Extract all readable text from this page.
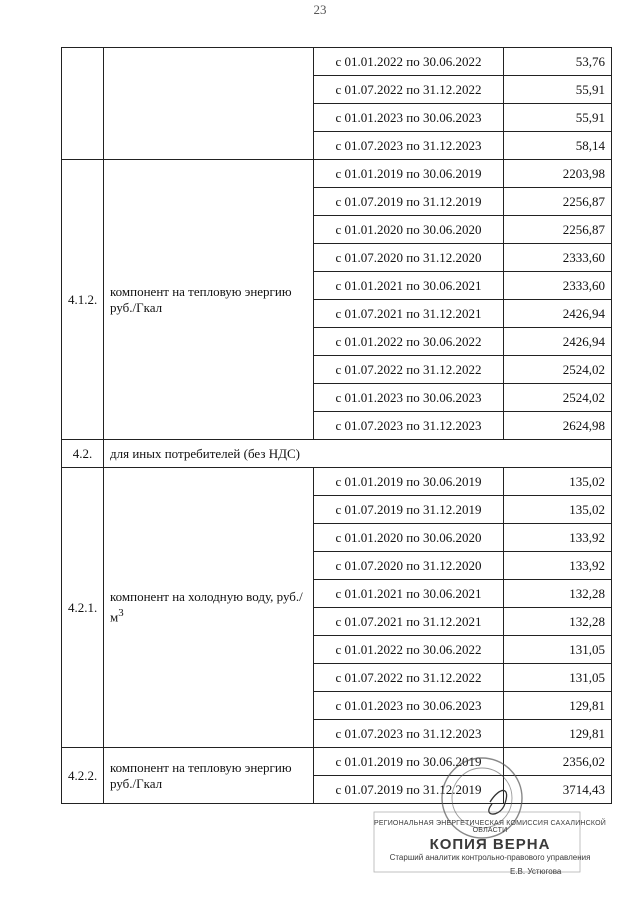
23
		с 01.01.2022 по 30.06.2022	53,76
		с 01.07.2022 по 31.12.2022	55,91
		с 01.01.2023 по 30.06.2023	55,91
		с 01.07.2023 по 31.12.2023	58,14
4.1.2.	компонент на тепловую энергию руб./Гкал	с 01.01.2019 по 30.06.2019	2203,98
		с 01.07.2019 по 31.12.2019	2256,87
		с 01.01.2020 по 30.06.2020	2256,87
		с 01.07.2020 по 31.12.2020	2333,60
		с 01.01.2021 по 30.06.2021	2333,60
		с 01.07.2021 по 31.12.2021	2426,94
		с 01.01.2022 по 30.06.2022	2426,94
		с 01.07.2022 по 31.12.2022	2524,02
		с 01.01.2023 по 30.06.2023	2524,02
		с 01.07.2023 по 31.12.2023	2624,98
4.2.	для иных потребителей (без НДС)		
4.2.1.	компонент на холодную воду, $руб./м^3$	с 01.01.2019 по 30.06.2019	135,02
		с 01.07.2019 по 31.12.2019	135,02
		с 01.01.2020 по 30.06.2020	133,92
		с 01.07.2020 по 31.12.2020	133,92
		с 01.01.2021 по 30.06.2021	132,28
		с 01.07.2021 по 31.12.2021	132,28
		с 01.01.2022 по 30.06.2022	131,05
		с 01.07.2022 по 31.12.2022	131,05
		с 01.01.2023 по 30.06.2023	129,81
		с 01.07.2023 по 31.12.2023	129,81
4.2.2.	компонент на тепловую энергию руб./Гкал	с 01.01.2019 по 30.06.2019	2356,02
		с 01.07.2019 по 31.12.2019	3714,43
РЕГИОНАЛЬНАЯ ЭНЕРГЕТИЧЕСКАЯ КОМИССИЯ САХАЛИНСКОЙ ОБЛАСТИ
КОПИЯ ВЕРНА
Старший аналитик контрольно-правового управления
Е.В. Устюгова
